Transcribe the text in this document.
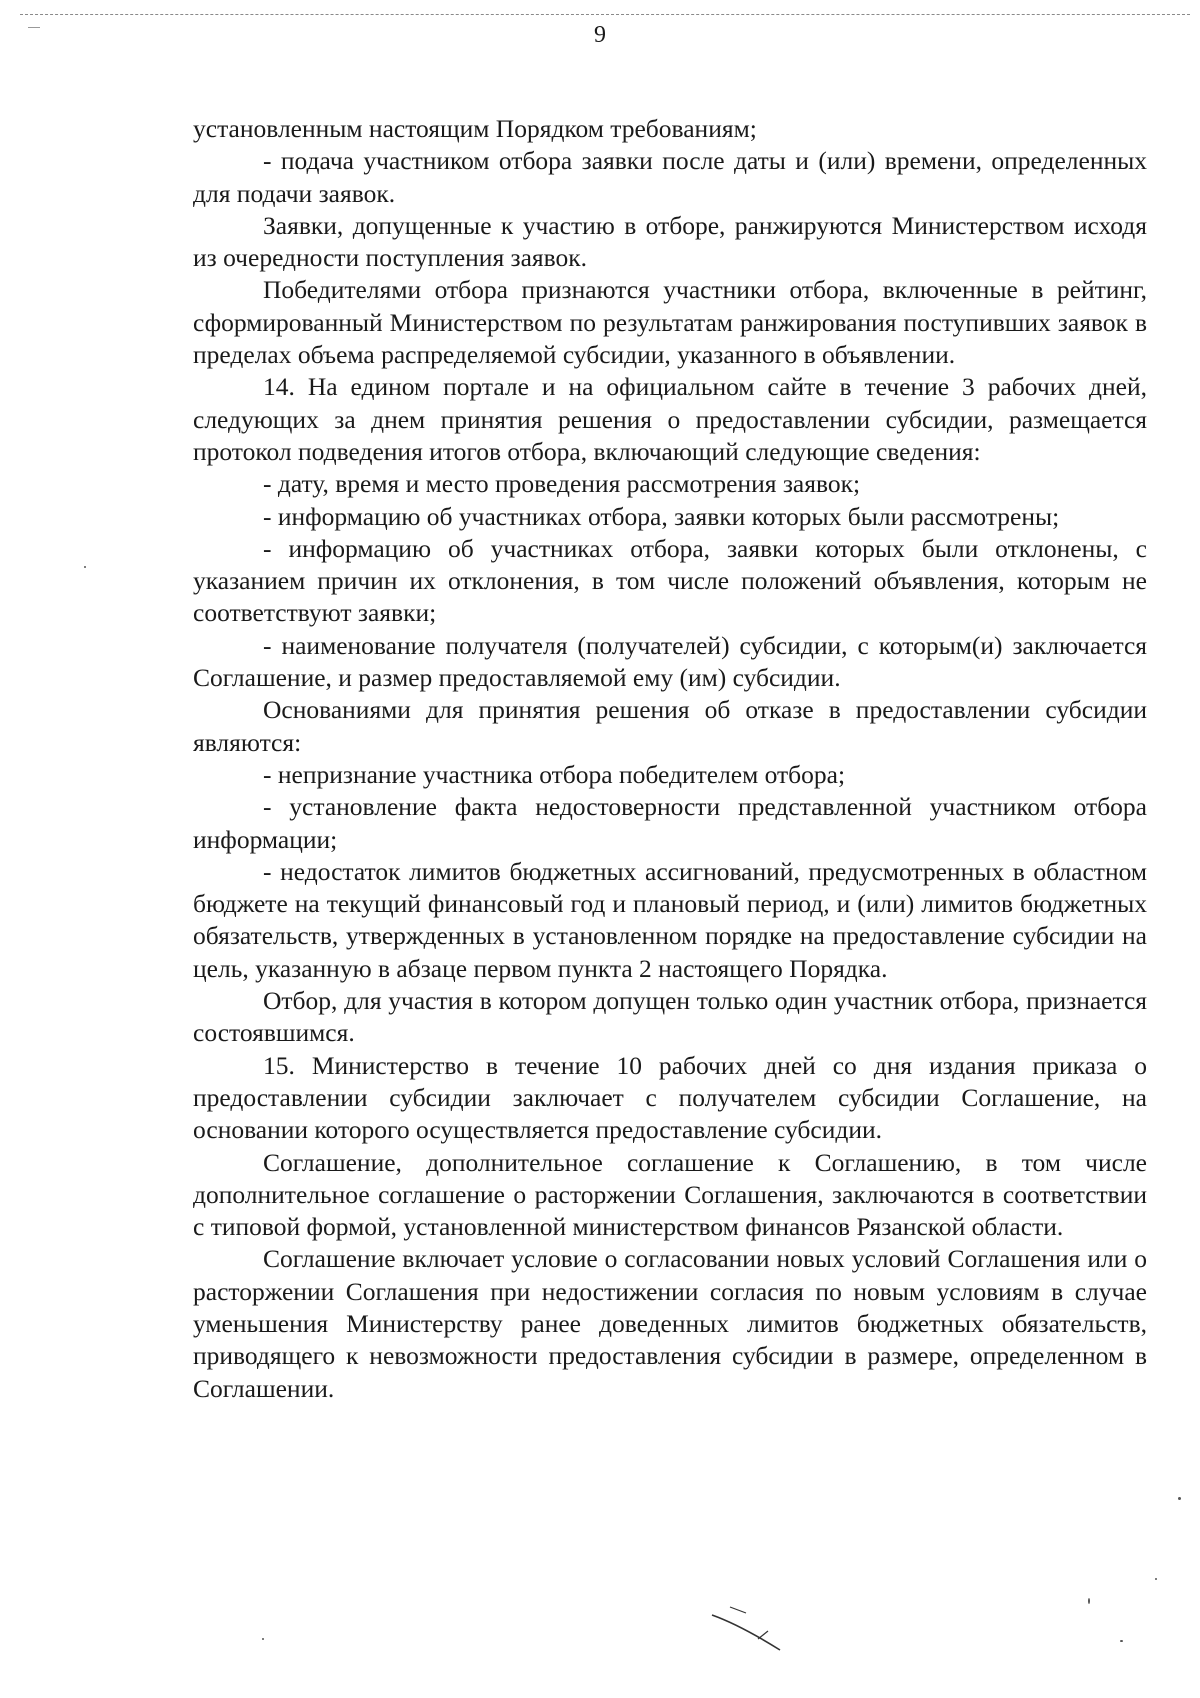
9

установленным настоящим Порядком требованиям;

- подача участником отбора заявки после даты и (или) времени, определенных для подачи заявок.

Заявки, допущенные к участию в отборе, ранжируются Министерством исходя из очередности поступления заявок.

Победителями отбора признаются участники отбора, включенные в рейтинг, сформированный Министерством по результатам ранжирования поступивших заявок в пределах объема распределяемой субсидии, указанного в объявлении.

14. На едином портале и на официальном сайте в течение 3 рабочих дней, следующих за днем принятия решения о предоставлении субсидии, размещается протокол подведения итогов отбора, включающий следующие сведения:

- дату, время и место проведения рассмотрения заявок;

- информацию об участниках отбора, заявки которых были рассмотрены;

- информацию об участниках отбора, заявки которых были отклонены, с указанием причин их отклонения, в том числе положений объявления, которым не соответствуют заявки;

- наименование получателя (получателей) субсидии, с которым(и) заключается Соглашение, и размер предоставляемой ему (им) субсидии.

Основаниями для принятия решения об отказе в предоставлении субсидии являются:

- непризнание участника отбора победителем отбора;

- установление факта недостоверности представленной участником отбора информации;

- недостаток лимитов бюджетных ассигнований, предусмотренных в областном бюджете на текущий финансовый год и плановый период, и (или) лимитов бюджетных обязательств, утвержденных в установленном порядке на предоставление субсидии на цель, указанную в абзаце первом пункта 2 настоящего Порядка.

Отбор, для участия в котором допущен только один участник отбора, признается состоявшимся.

15. Министерство в течение 10 рабочих дней со дня издания приказа о предоставлении субсидии заключает с получателем субсидии Соглашение, на основании которого осуществляется предоставление субсидии.

Соглашение, дополнительное соглашение к Соглашению, в том числе дополнительное соглашение о расторжении Соглашения, заключаются в соответствии с типовой формой, установленной министерством финансов Рязанской области.

Соглашение включает условие о согласовании новых условий Соглашения или о расторжении Соглашения при недостижении согласия по новым условиям в случае уменьшения Министерству ранее доведенных лимитов бюджетных обязательств, приводящего к невозможности предоставления субсидии в размере, определенном в Соглашении.
